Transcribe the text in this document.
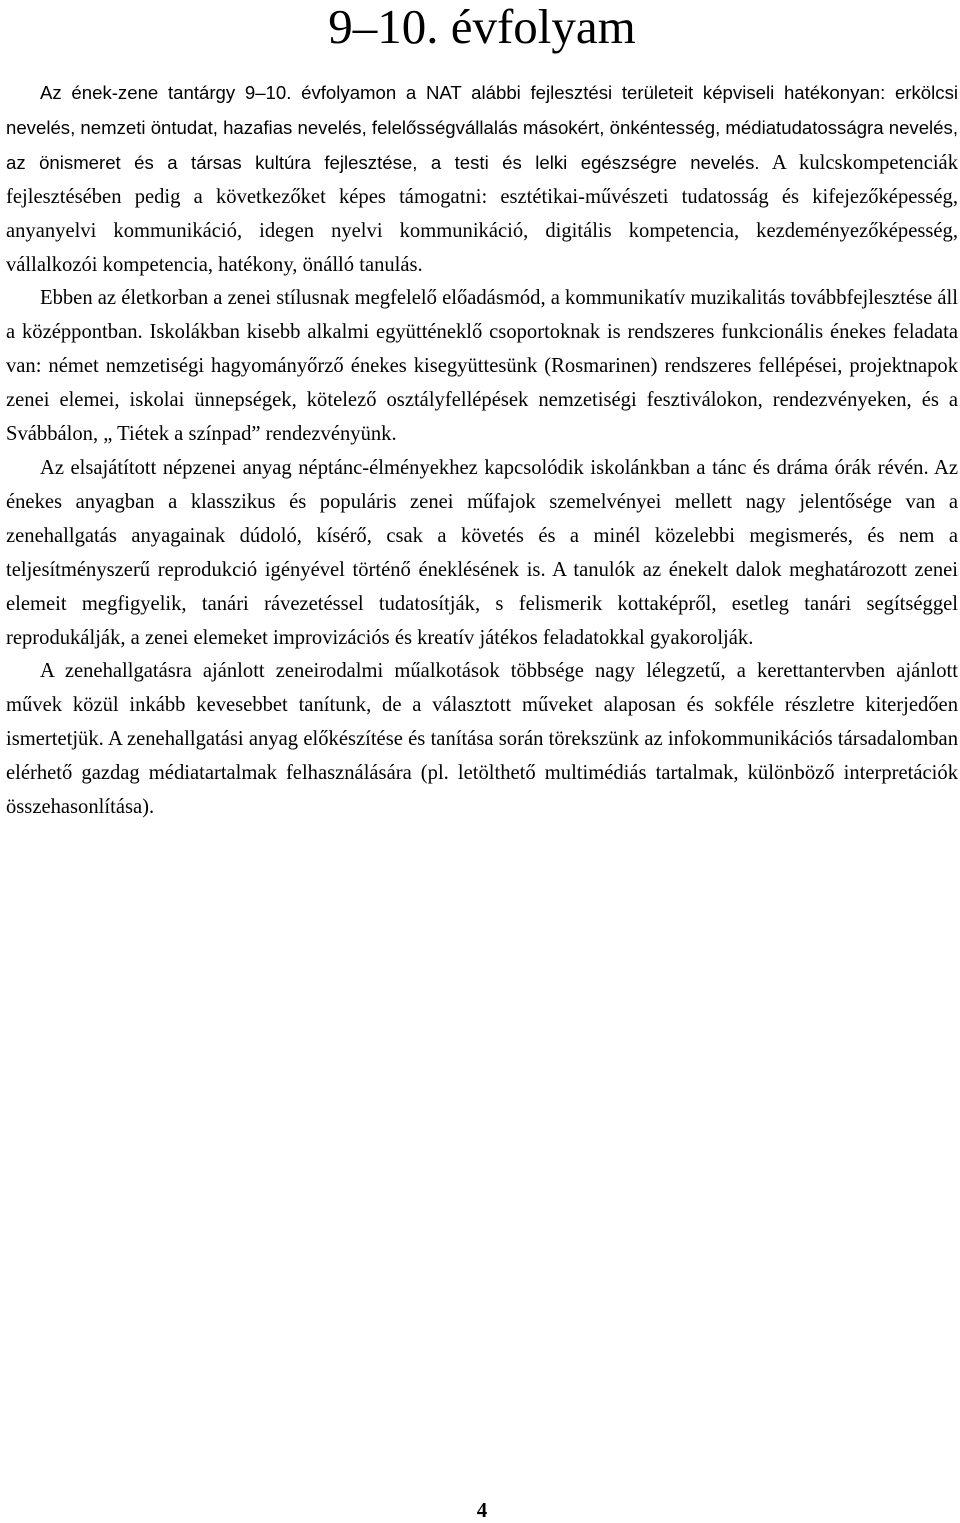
9–10. évfolyam

Az ének-zene tantárgy 9–10. évfolyamon a NAT alábbi fejlesztési területeit képviseli hatékonyan: erkölcsi nevelés, nemzeti öntudat, hazafias nevelés, felelősségvállalás másokért, önkéntesség, médiatudatosságra nevelés, az önismeret és a társas kultúra fejlesztése, a testi és lelki egészségre nevelés. A kulcskompetenciák fejlesztésében pedig a következőket képes támogatni: esztétikai-művészeti tudatosság és kifejezőképesség, anyanyelvi kommunikáció, idegen nyelvi kommunikáció, digitális kompetencia, kezdeményezőképesség, vállalkozói kompetencia, hatékony, önálló tanulás.

Ebben az életkorban a zenei stílusnak megfelelő előadásmód, a kommunikatív muzikalitás továbbfejlesztése áll a középpontban. Iskolákban kisebb alkalmi együtténeklő csoportoknak is rendszeres funkcionális énekes feladata van: német nemzetiségi hagyományőrző énekes kisegyüttesünk (Rosmarinen) rendszeres fellépései, projektnapok zenei elemei, iskolai ünnepségek, kötelező osztályfellépések nemzetiségi fesztiválokon, rendezvényeken, és a Svábbálon, „ Tiétek a színpad” rendezvényünk.

Az elsajátított népzenei anyag néptánc-élményekhez kapcsolódik iskolánkban a tánc és dráma órák révén. Az énekes anyagban a klasszikus és populáris zenei műfajok szemelvényei mellett nagy jelentősége van a zenehallgatás anyagainak dúdoló, kísérő, csak a követés és a minél közelebbi megismerés, és nem a teljesítményszerű reprodukció igényével történő éneklésének is. A tanulók az énekelt dalok meghatározott zenei elemeit megfigyelik, tanári rávezetéssel tudatosítják, s felismerik kottaképről, esetleg tanári segítséggel reprodukálják, a zenei elemeket improvizációs és kreatív játékos feladatokkal gyakorolják.

A zenehallgatásra ajánlott zeneirodalmi műalkotások többsége nagy lélegzetű, a kerettantervben ajánlott művek közül inkább kevesebbet tanítunk, de a választott műveket alaposan és sokféle részletre kiterjedően ismertetjük. A zenehallgatási anyag előkészítése és tanítása során törekszünk az infokommunikációs társadalomban elérhető gazdag médiatartalmak felhasználására (pl. letölthető multimédiás tartalmak, különböző interpretációk összehasonlítása).

4
